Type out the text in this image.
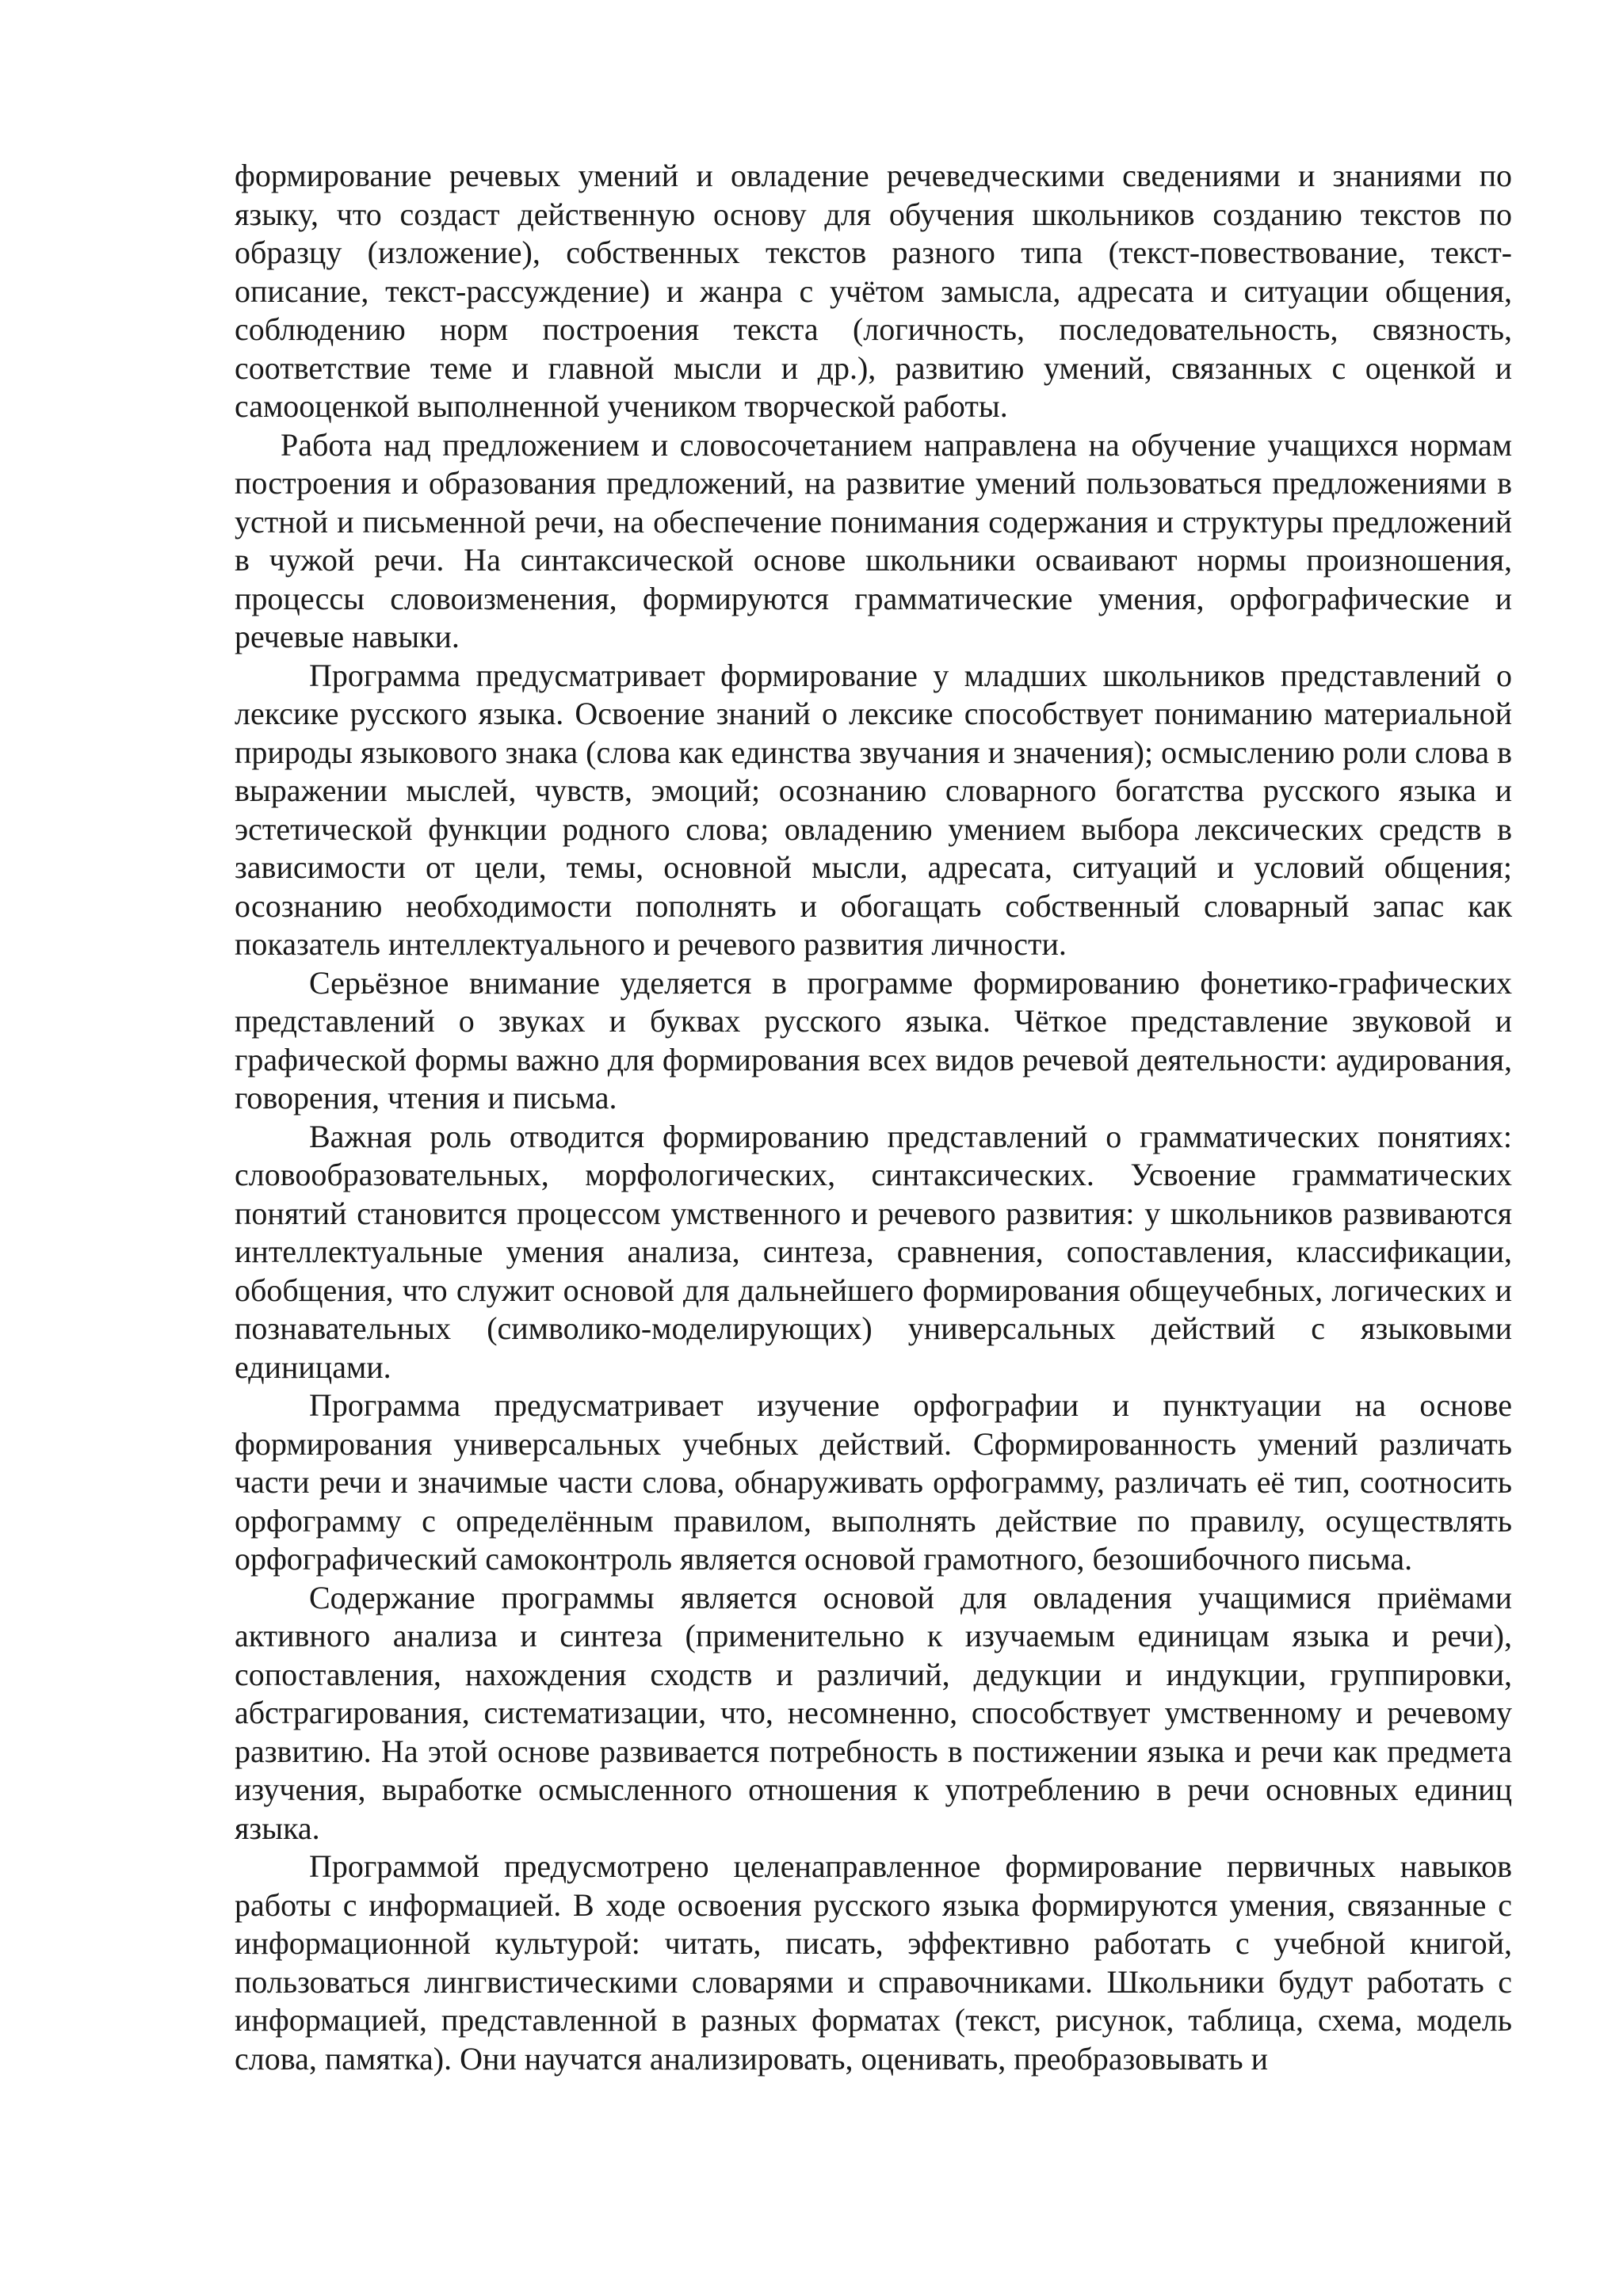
формирование речевых умений и овладение речеведческими сведениями и знаниями по языку, что создаст действенную основу для обучения школьников созданию текстов по образцу (изложение), собственных текстов разного типа (текст-повествование, текст-описание, текст-рассуждение) и жанра с учётом замысла, адресата и ситуации общения, соблюдению норм построения текста (логичность, последовательность, связность, соответствие теме и главной мысли и др.), развитию умений, связанных с оценкой и самооценкой выполненной учеником творческой работы.

Работа над предложением и словосочетанием направлена на обучение учащихся нормам построения и образования предложений, на развитие умений пользоваться предложениями в устной и письменной речи, на обеспечение понимания содержания и структуры предложений в чужой речи. На синтаксической основе школьники осваивают нормы произношения, процессы словоизменения, формируются грамматические умения, орфографические и речевые навыки.

Программа предусматривает формирование у младших школьников представлений о лексике русского языка. Освоение знаний о лексике способствует пониманию материальной природы языкового знака (слова как единства звучания и значения); осмыслению роли слова в выражении мыслей, чувств, эмоций; осознанию словарного богатства русского языка и эстетической функции родного слова; овладению умением выбора лексических средств в зависимости от цели, темы, основной мысли, адресата, ситуаций и условий общения; осознанию необходимости пополнять и обогащать собственный словарный запас как показатель интеллектуального и речевого развития личности.

Серьёзное внимание уделяется в программе формированию фонетико-графических представлений о звуках и буквах русского языка. Чёткое представление звуковой и графической формы важно для формирования всех видов речевой деятельности: аудирования, говорения, чтения и письма.

Важная роль отводится формированию представлений о грамматических понятиях: словообразовательных, морфологических, синтаксических. Усвоение грамматических понятий становится процессом умственного и речевого развития: у школьников развиваются интеллектуальные умения анализа, синтеза, сравнения, сопоставления, классификации, обобщения, что служит основой для дальнейшего формирования общеучебных, логических и познавательных (символико-моделирующих) универсальных действий с языковыми единицами.

Программа предусматривает изучение орфографии и пунктуации на основе формирования универсальных учебных действий. Сформированность умений различать части речи и значимые части слова, обнаруживать орфограмму, различать её тип, соотносить орфограмму с определённым правилом, выполнять действие по правилу, осуществлять орфографический самоконтроль является основой грамотного, безошибочного письма.

Содержание программы является основой для овладения учащимися приёмами активного анализа и синтеза (применительно к изучаемым единицам языка и речи), сопоставления, нахождения сходств и различий, дедукции и индукции, группировки, абстрагирования, систематизации, что, несомненно, способствует умственному и речевому развитию. На этой основе развивается потребность в постижении языка и речи как предмета изучения, выработке осмысленного отношения к употреблению в речи основных единиц языка.

Программой предусмотрено целенаправленное формирование первичных навыков работы с информацией. В ходе освоения русского языка формируются умения, связанные с информационной культурой: читать, писать, эффективно работать с учебной книгой, пользоваться лингвистическими словарями и справочниками. Школьники будут работать с информацией, представленной в разных форматах (текст, рисунок, таблица, схема, модель слова, памятка). Они научатся анализировать, оценивать, преобразовывать и
